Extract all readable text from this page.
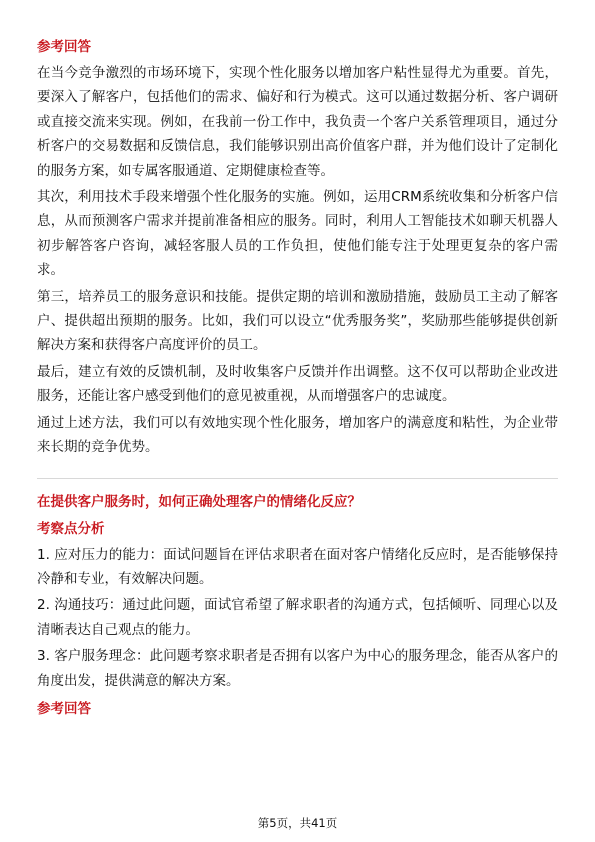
参考回答

在当今竞争激烈的市场环境下，实现个性化服务以增加客户粘性显得尤为重要。首先，要深入了解客户，包括他们的需求、偏好和行为模式。这可以通过数据分析、客户调研或直接交流来实现。例如，在我前一份工作中，我负责一个客户关系管理项目，通过分析客户的交易数据和反馈信息，我们能够识别出高价值客户群，并为他们设计了定制化的服务方案，如专属客服通道、定期健康检查等。

其次，利用技术手段来增强个性化服务的实施。例如，运用CRM系统收集和分析客户信息，从而预测客户需求并提前准备相应的服务。同时，利用人工智能技术如聊天机器人初步解答客户咨询，减轻客服人员的工作负担，使他们能专注于处理更复杂的客户需求。

第三，培养员工的服务意识和技能。提供定期的培训和激励措施，鼓励员工主动了解客户、提供超出预期的服务。比如，我们可以设立“优秀服务奖”，奖励那些能够提供创新解决方案和获得客户高度评价的员工。

最后，建立有效的反馈机制，及时收集客户反馈并作出调整。这不仅可以帮助企业改进服务，还能让客户感受到他们的意见被重视，从而增强客户的忠诚度。

通过上述方法，我们可以有效地实现个性化服务，增加客户的满意度和粘性，为企业带来长期的竞争优势。

在提供客户服务时，如何正确处理客户的情绪化反应？
考察点分析

1. 应对压力的能力：面试问题旨在评估求职者在面对客户情绪化反应时，是否能够保持冷静和专业，有效解决问题。

2. 沟通技巧：通过此问题，面试官希望了解求职者的沟通方式，包括倾听、同理心以及清晰表达自己观点的能力。

3. 客户服务理念：此问题考察求职者是否拥有以客户为中心的服务理念，能否从客户的角度出发，提供满意的解决方案。

参考回答
第5页，共41页
